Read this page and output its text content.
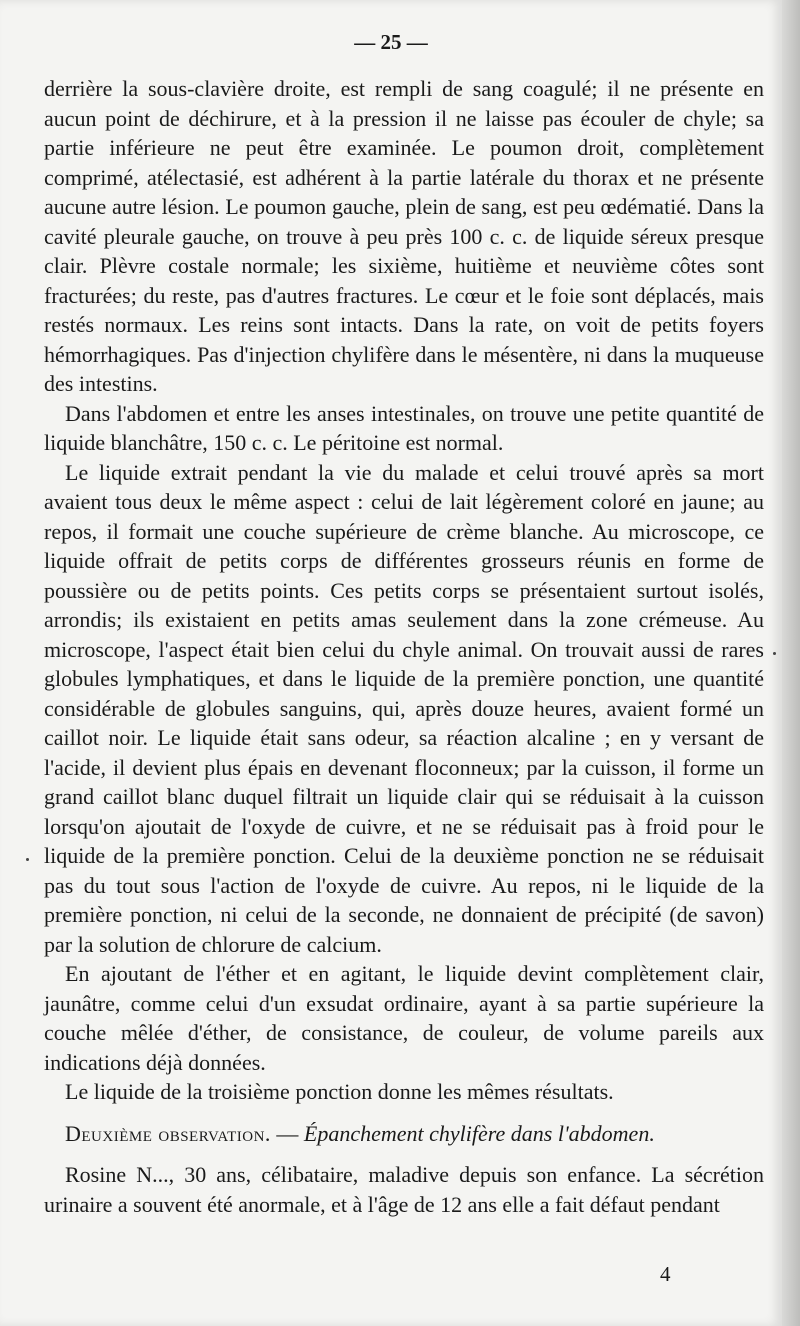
— 25 —

derrière la sous-clavière droite, est rempli de sang coagulé; il ne présente en aucun point de déchirure, et à la pression il ne laisse pas écouler de chyle; sa partie inférieure ne peut être examinée. Le poumon droit, complètement comprimé, atélectasié, est adhérent à la partie latérale du thorax et ne présente aucune autre lésion. Le poumon gauche, plein de sang, est peu œdématié. Dans la cavité pleurale gauche, on trouve à peu près 100 c. c. de liquide séreux presque clair. Plèvre costale normale; les sixième, huitième et neuvième côtes sont fracturées; du reste, pas d'autres fractures. Le cœur et le foie sont déplacés, mais restés normaux. Les reins sont intacts. Dans la rate, on voit de petits foyers hémorrhagiques. Pas d'injection chylifère dans le mésentère, ni dans la muqueuse des intestins.

Dans l'abdomen et entre les anses intestinales, on trouve une petite quantité de liquide blanchâtre, 150 c. c. Le péritoine est normal.

Le liquide extrait pendant la vie du malade et celui trouvé après sa mort avaient tous deux le même aspect : celui de lait légèrement coloré en jaune; au repos, il formait une couche supérieure de crème blanche. Au microscope, ce liquide offrait de petits corps de différentes grosseurs réunis en forme de poussière ou de petits points. Ces petits corps se présentaient surtout isolés, arrondis; ils existaient en petits amas seulement dans la zone crémeuse. Au microscope, l'aspect était bien celui du chyle animal. On trouvait aussi de rares globules lymphatiques, et dans le liquide de la première ponction, une quantité considérable de globules sanguins, qui, après douze heures, avaient formé un caillot noir. Le liquide était sans odeur, sa réaction alcaline ; en y versant de l'acide, il devient plus épais en devenant floconneux; par la cuisson, il forme un grand caillot blanc duquel filtrait un liquide clair qui se réduisait à la cuisson lorsqu'on ajoutait de l'oxyde de cuivre, et ne se réduisait pas à froid pour le liquide de la première ponction. Celui de la deuxième ponction ne se réduisait pas du tout sous l'action de l'oxyde de cuivre. Au repos, ni le liquide de la première ponction, ni celui de la seconde, ne donnaient de précipité (de savon) par la solution de chlorure de calcium.

En ajoutant de l'éther et en agitant, le liquide devint complètement clair, jaunâtre, comme celui d'un exsudat ordinaire, ayant à sa partie supérieure la couche mêlée d'éther, de consistance, de couleur, de volume pareils aux indications déjà données.

Le liquide de la troisième ponction donne les mêmes résultats.

Deuxième observation. — Épanchement chylifère dans l'abdomen.

Rosine N..., 30 ans, célibataire, maladive depuis son enfance. La sécrétion urinaire a souvent été anormale, et à l'âge de 12 ans elle a fait défaut pendant

4
